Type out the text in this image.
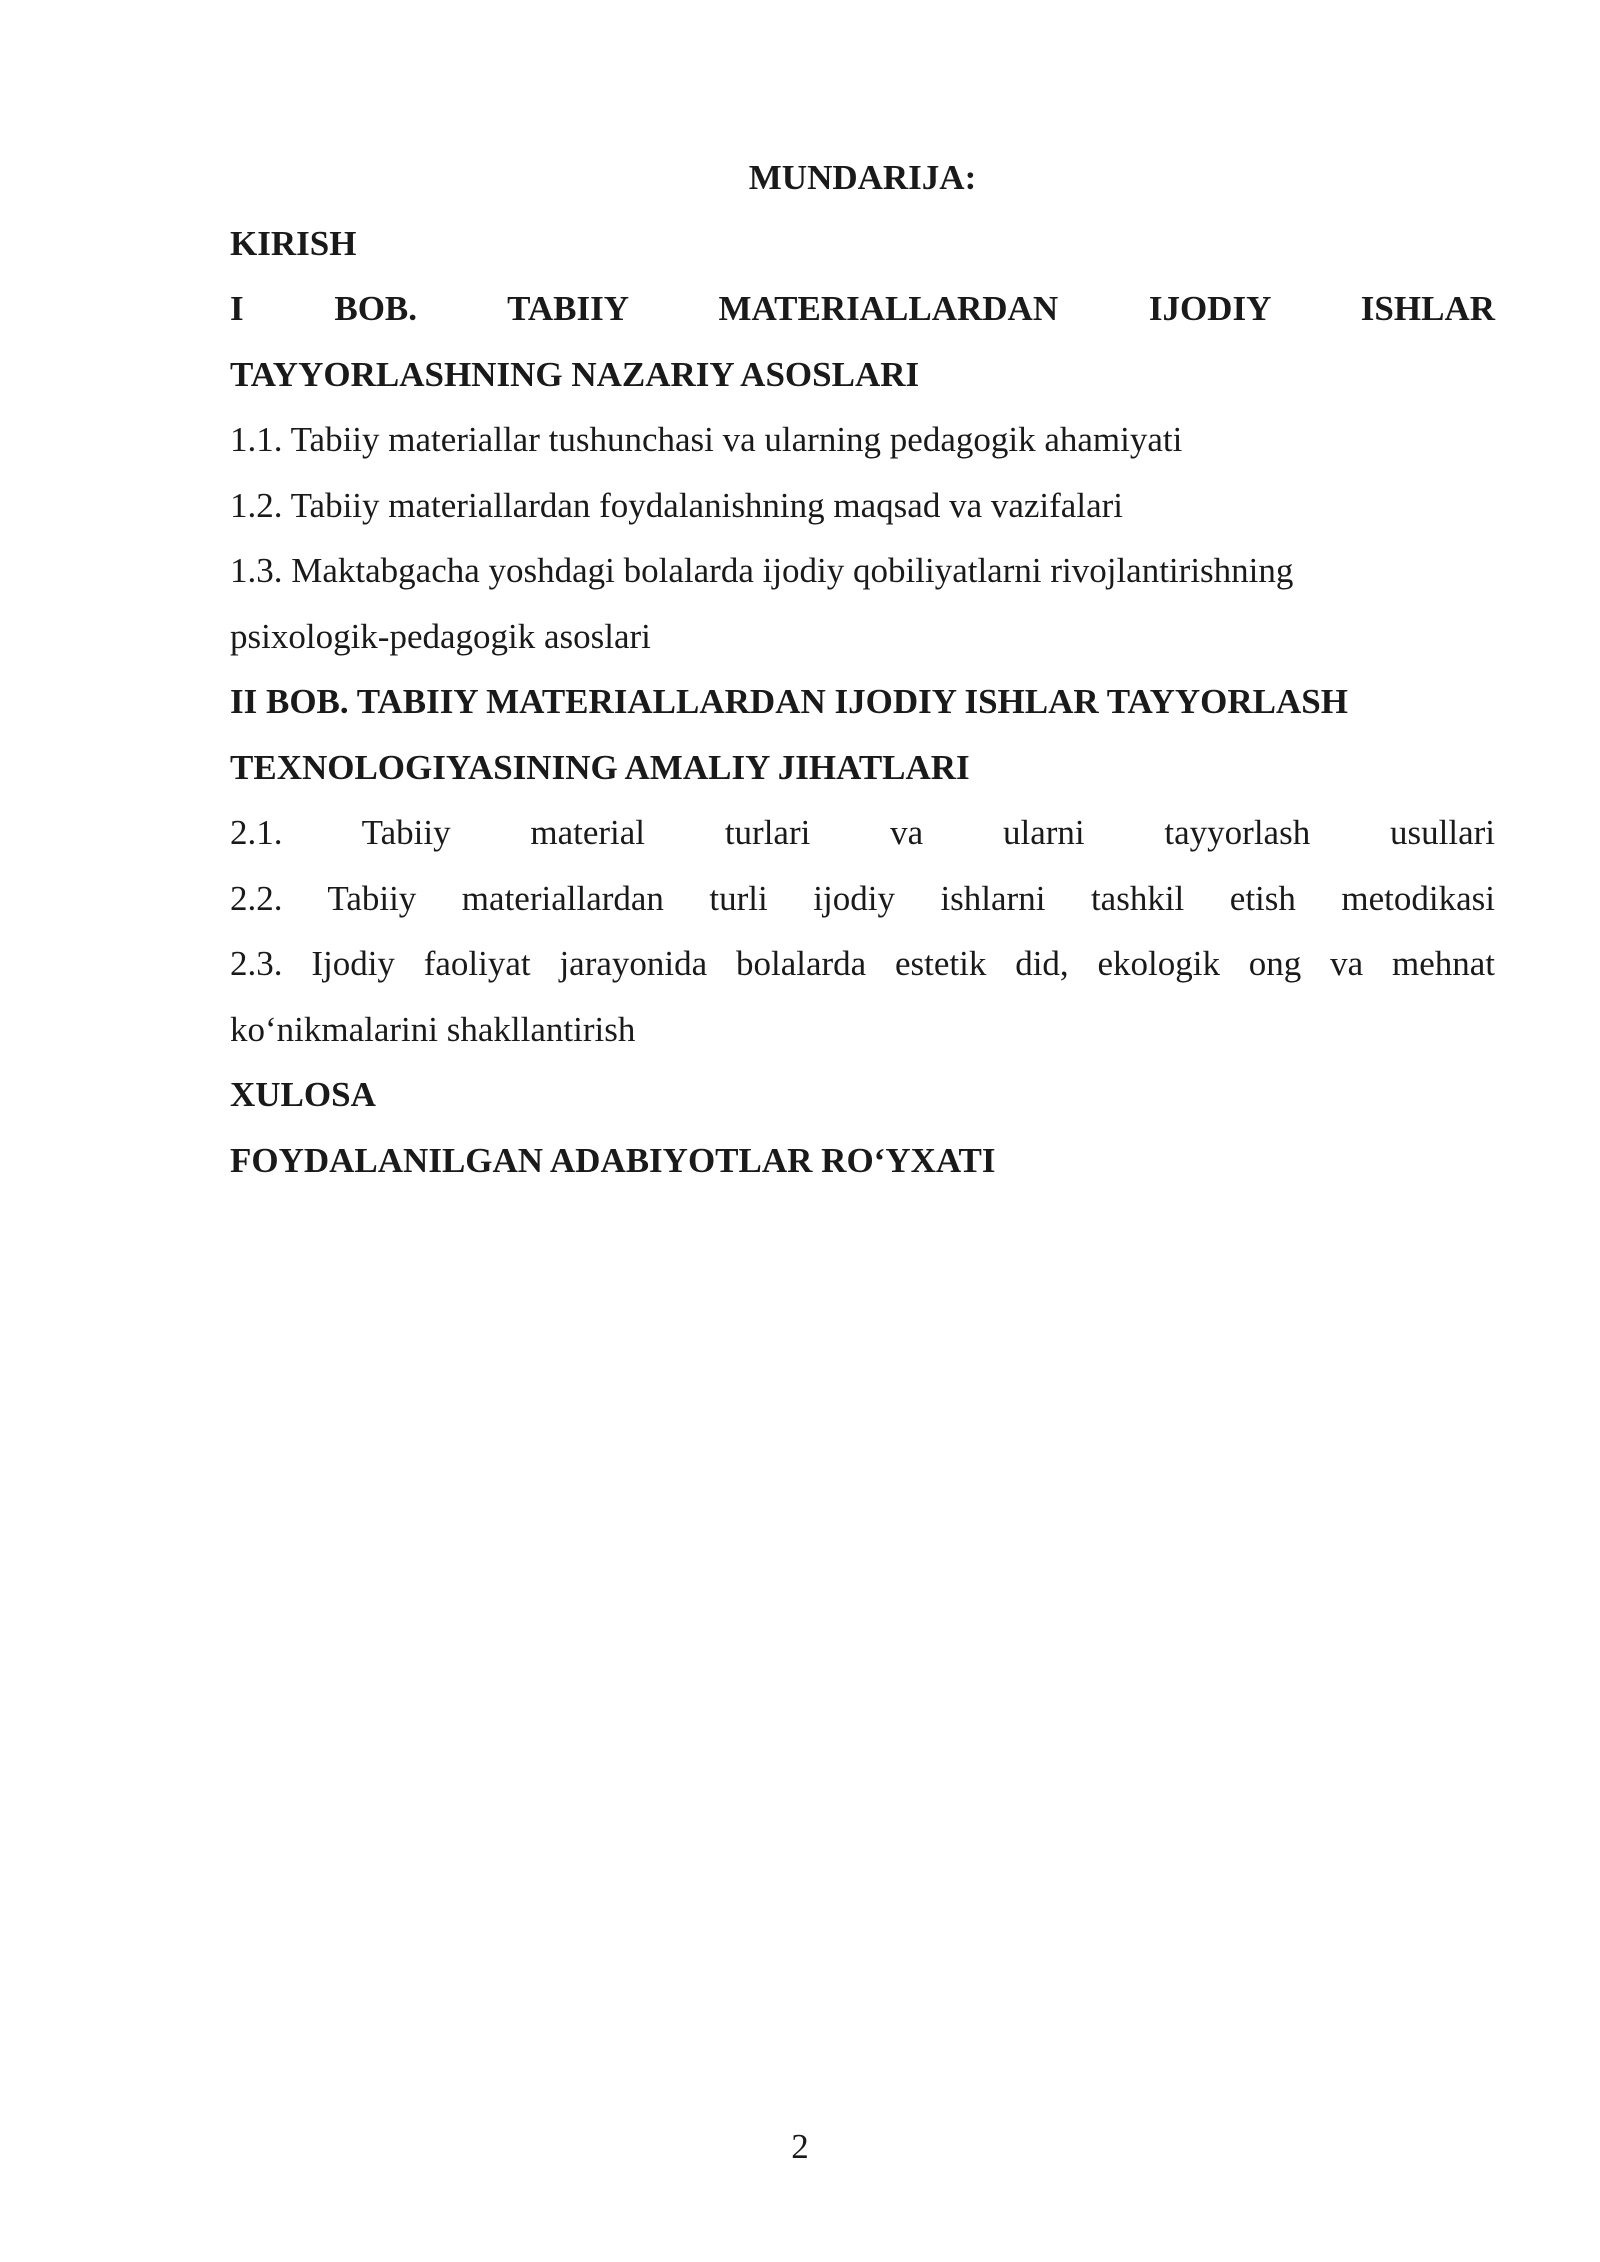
MUNDARIJA:
KIRISH
I BOB. TABIIY MATERIALLARDAN IJODIY ISHLAR
TAYYORLASHNING NAZARIY ASOSLARI
1.1. Tabiiy materiallar tushunchasi va ularning pedagogik ahamiyati
1.2. Tabiiy materiallardan foydalanishning maqsad va vazifalari
1.3. Maktabgacha yoshdagi bolalarda ijodiy qobiliyatlarni rivojlantirishning
psixologik-pedagogik asoslari
II BOB. TABIIY MATERIALLARDAN IJODIY ISHLAR TAYYORLASH
TEXNOLOGIYASINING AMALIY JIHATLARI
2.1. Tabiiy material turlari va ularni tayyorlash usullari
2.2. Tabiiy materiallardan turli ijodiy ishlarni tashkil etish metodikasi
2.3. Ijodiy faoliyat jarayonida bolalarda estetik did, ekologik ong va mehnat
koʻnikmalarini shakllantirish
XULOSA
FOYDALANILGAN ADABIYOTLAR ROʻYXATI
2
